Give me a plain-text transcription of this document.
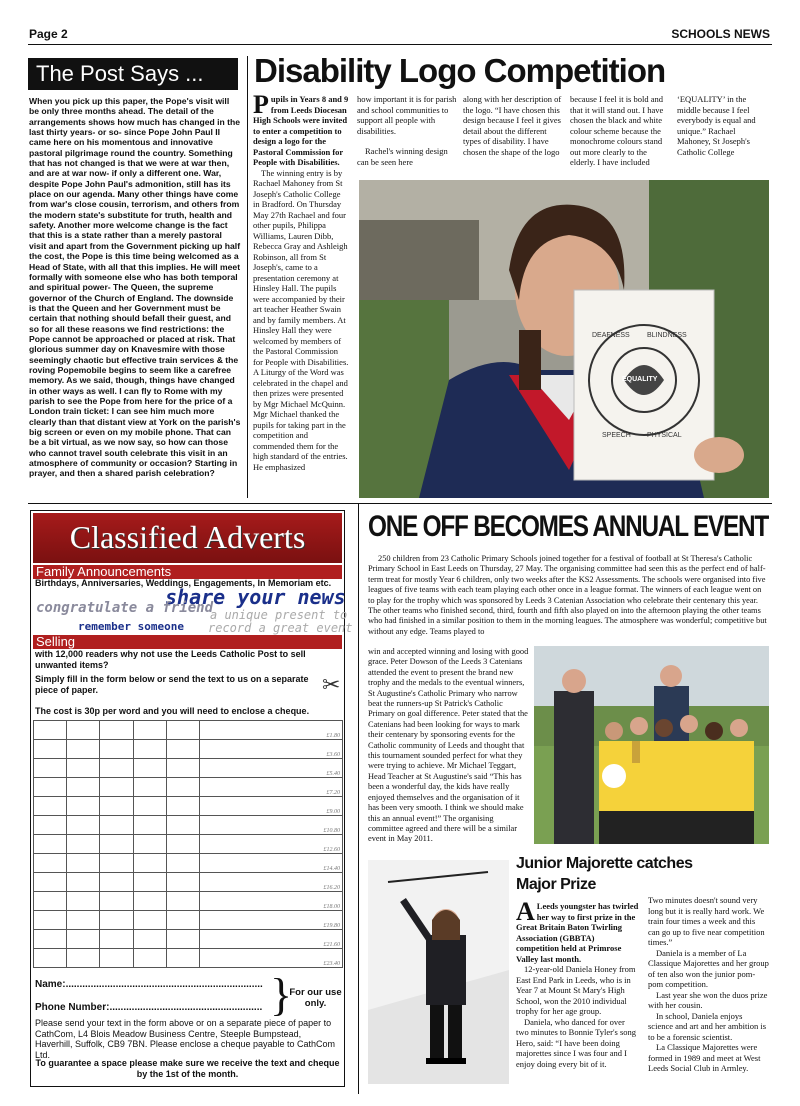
Page 2	SCHOOLS NEWS
The Post Says ...
When you pick up this paper, the Pope's visit will be only three months ahead. The detail of the arrangements shows how much has changed in the last thirty years- or so- since Pope John Paul II came here on his momentous and innovative pastoral pilgrimage round the country. Something that has not changed is that we were at war then, and are at war now- if only a different one. War, despite Pope John Paul's admonition, still has its place on our agenda. Many other things have come from war's close cousin, terrorism, and others from the modern state's substitute for truth, health and safety. Another more welcome change is the fact that this is a state rather than a merely pastoral visit and apart from the Government picking up half the cost, the Pope is this time being welcomed as a Head of State, with all that this implies. He will meet formally with someone else who has both temporal and spiritual power- The Queen, the supreme governor of the Church of England. The downside is that the Queen and her Government must be certain that nothing should befall their guest, and so for all these reasons we find restrictions: the Pope cannot be approached or placed at risk. That glorious summer day on Knavesmire with those seemingly chaotic but effective train services & the roving Popemobile begins to seem like a carefree memory. As we said, though, things have changed in other ways as well. I can fly to Rome with my parish to see the Pope from here for the price of a London train ticket: I can see him much more clearly than that distant view at York on the parish's big screen or even on my mobile phone. That can be a bit virtual, as we now say, so how can those who cannot travel south celebrate this visit in an atmosphere of community or occasion? Starting in prayer, and then a shared parish celebration?
Disability Logo Competition

Pupils in Years 8 and 9 from Leeds Diocesan High Schools were invited to enter a competition to design a logo for the Pastoral Commission for People with Disabilities.

The winning entry is by Rachael Mahoney from St Joseph's Catholic College in Bradford. On Thursday May 27th Rachael and four other pupils, Philippa Williams, Lauren Dibb, Rebecca Gray and Ashleigh Robinson, all from St Joseph's, came to a presentation ceremony at Hinsley Hall. The pupils were accompanied by their art teacher Heather Swain and by family members. At Hinsley Hall they were welcomed by members of the Pastoral Commission for People with Disabilities. A Liturgy of the Word was celebrated in the chapel and then prizes were presented by Mgr Michael McQuinn. Mgr Michael thanked the pupils for taking part in the competition and commended them for the high standard of the entries. He emphasized

how important it is for parish and school communities to support all people with disabilities.

Rachel's winning design can be seen here

along with her description of the logo. “I have chosen this design because I feel it gives detail about the different types of disability. I have chosen the shape of the logo
because I feel it is bold and that it will stand out. I have chosen the black and white colour scheme because the monochrome colours stand out more clearly to the elderly. I have included
‘EQUALITY’ in the middle because I feel everybody is equal and unique.” Rachael Mahoney, St Joseph's Catholic College
DEAFNESS BLINDNESS
SPEECH PHYSICAL
EQUALITY
Classified Adverts
Family Announcements
Birthdays, Anniversaries, Weddings, Engagements, In Memoriam etc.
share your news
congratulate a friend
a unique present to
remember someone record a great event
Selling
with 12,000 readers why not use the Leeds Catholic Post to sell unwanted items?
Simply fill in the form below or send the text to us on a separate piece of paper.	✂
The cost is 30p per word and you will need to enclose a cheque.
					£1.80
					£3.60
					£5.40
					£7.20
					£9.00
					£10.80
					£12.60
					£14.40
					£16.20
					£18.00
					£19.80
					£21.60
					£23.40
Name:.......................................................................
Phone Number:....................................................... }
For our use only.
Please send your text in the form above or on a separate piece of paper to CathCom, L4 Blois Meadow Business Centre, Steeple Bumpstead, Haverhill, Suffolk, CB9 7BN. Please enclose a cheque payable to CathCom Ltd.
To guarantee a space please make sure we receive the text and cheque by the 1st of the month.
ONE OFF BECOMES ANNUAL EVENT
250 children from 23 Catholic Primary Schools joined together for a festival of football at St Theresa's Catholic Primary School in East Leeds on Thursday, 27 May. The organising committee had seen this as the perfect end of half-term treat for mostly Year 6 children, only two weeks after the KS2 Assessments. The schools were organised into five leagues of five teams with each team playing each other once in a league format. The winners of each league went on to play for the trophy which was sponsored by Leeds 3 Catenian Association who celebrate their centenary this year. The other teams who finished second, third, fourth and fifth also played on into the afternoon playing the other teams who had finished in a similar position to them in the morning leagues. The atmosphere was wonderful; competitive but without any edge. Teams played to
win and accepted winning and losing with good grace. Peter Dowson of the Leeds 3 Catenians attended the event to present the brand new trophy and the medals to the eventual winners, St Augustine's Catholic Primary who narrow beat the runners-up St Patrick's Catholic Primary on goal difference. Peter stated that the Catenians had been looking for ways to mark their centenary by sponsoring events for the Catholic community of Leeds and thought that this tournament sounded perfect for what they were trying to achieve. Mr Michael Teggart, Head Teacher at St Augustine's said “This has been a wonderful day, the kids have really enjoyed themselves and the organisation of it has been very smooth. I think we should make this an annual event!” The organising committee agreed and there will be a similar event in May 2011.
Junior Majorette catches
Major Prize

A Leeds youngster has twirled her way to first prize in the Great Britain Baton Twirling Association (GBBTA) competition held at Primrose Valley last month.

12-year-old Daniela Honey from East End Park in Leeds, who is in Year 7 at Mount St Mary's High School, won the 2010 individual trophy for her age group.

Daniela, who danced for over two minutes to Bonnie Tyler's song Hero, said: “I have been doing majorettes since I was four and I enjoy doing every bit of it.

Two minutes doesn't sound very long but it is really hard work. We train four times a week and this can go up to five near competition times.”

Daniela is a member of La Classique Majorettes and her group of ten also won the junior pom-pom competition.

Last year she won the duos prize with her cousin.

In school, Daniela enjoys science and art and her ambition is to be a forensic scientist.

La Classique Majorettes were formed in 1989 and meet at West Leeds Social Club in Armley.
